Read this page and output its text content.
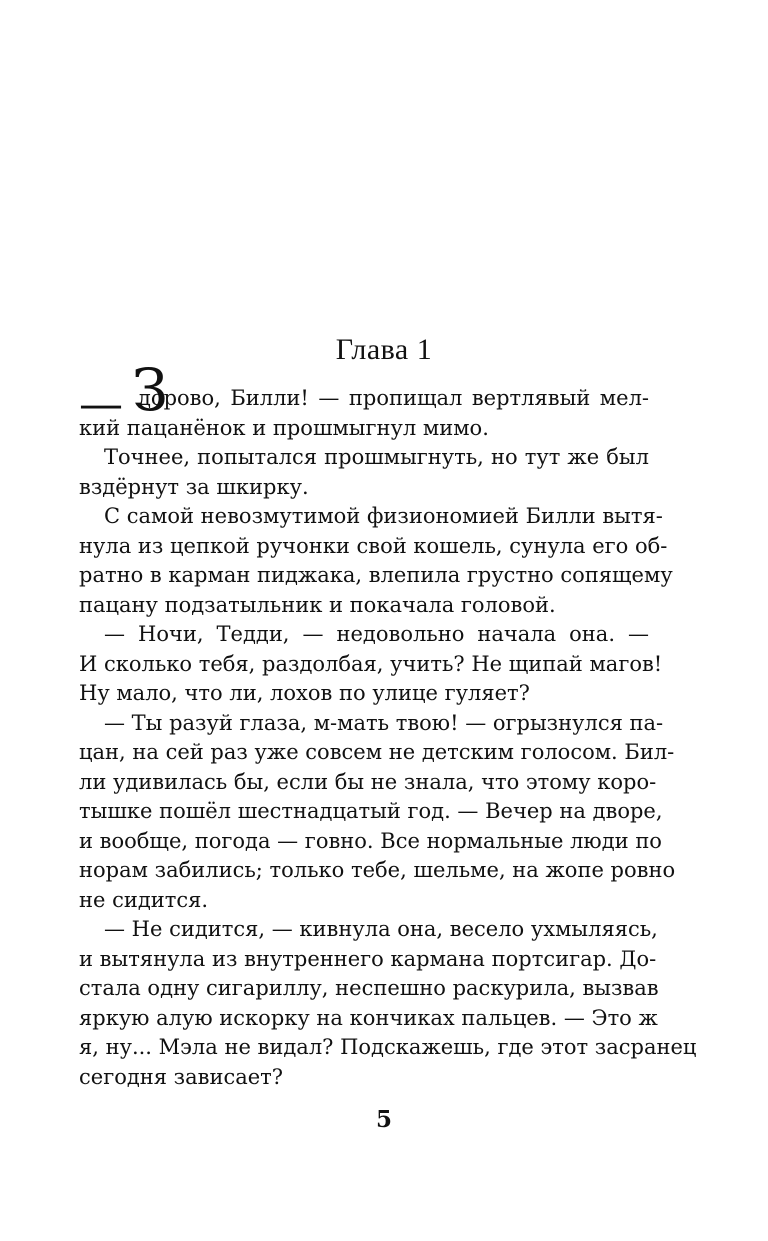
Глава 1
— З
дорово, Билли! — пропищал вертлявый мел-
кий пацанёнок и прошмыгнул мимо.
Точнее, попытался прошмыгнуть, но тут же был
вздёрнут за шкирку.
С самой невозмутимой физиономией Билли вытя-
нула из цепкой ручонки свой кошель, сунула его об-
ратно в карман пиджака, влепила грустно сопящему
пацану подзатыльник и покачала головой.
— Ночи, Тедди, — недовольно начала она. —
И сколько тебя, раздолбая, учить? Не щипай магов!
Ну мало, что ли, лохов по улице гуляет?
— Ты разуй глаза, м-мать твою! — огрызнулся па-
цан, на сей раз уже совсем не детским голосом. Бил-
ли удивилась бы, если бы не знала, что этому коро-
тышке пошёл шестнадцатый год. — Вечер на дворе,
и вообще, погода — говно. Все нормальные люди по
норам забились; только тебе, шельме, на жопе ровно
не сидится.
— Не сидится, — кивнула она, весело ухмыляясь,
и вытянула из внутреннего кармана портсигар. До-
стала одну сигариллу, неспешно раскурила, вызвав
яркую алую искорку на кончиках пальцев. — Это ж
я, ну... Мэла не видал? Подскажешь, где этот засранец
сегодня зависает?
5
